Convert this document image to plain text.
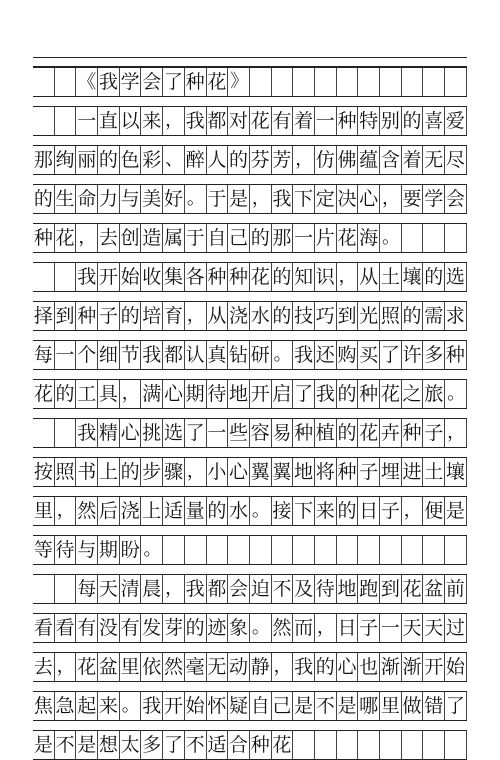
《 我 学 会 了 种 花 》
一 直 以 来 ， 我 都 对 花 有 着 一 种 特 别 的 喜 爱
那 绚 丽 的 色 彩 、 醉 人 的 芬 芳 ， 仿 佛 蕴 含 着 无 尽
的 生 命 力 与 美 好 。 于 是 ， 我 下 定 决 心 ， 要 学 会
种 花 ， 去 创 造 属 于 自 己 的 那 一 片 花 海 。
我 开 始 收 集 各 种 种 花 的 知 识 ， 从 土 壤 的 选
择 到 种 子 的 培 育 ， 从 浇 水 的 技 巧 到 光 照 的 需 求
每 一 个 细 节 我 都 认 真 钻 研 。 我 还 购 买 了 许 多 种
花 的 工 具 ， 满 心 期 待 地 开 启 了 我 的 种 花 之 旅 。
我 精 心 挑 选 了 一 些 容 易 种 植 的 花 卉 种 子 ，
按 照 书 上 的 步 骤 ， 小 心 翼 翼 地 将 种 子 埋 进 土 壤
里 ， 然 后 浇 上 适 量 的 水 。 接 下 来 的 日 子 ， 便 是
等 待 与 期 盼 。
每 天 清 晨 ， 我 都 会 迫 不 及 待 地 跑 到 花 盆 前
看 看 有 没 有 发 芽 的 迹 象 。 然 而 ， 日 子 一 天 天 过
去 ， 花 盆 里 依 然 毫 无 动 静 ， 我 的 心 也 渐 渐 开 始
焦 急 起 来 。 我 开 始 怀 疑 自 己 是 不 是 哪 里 做 错 了
是 不 是 想 太 多 了 不 适 合 种 花
